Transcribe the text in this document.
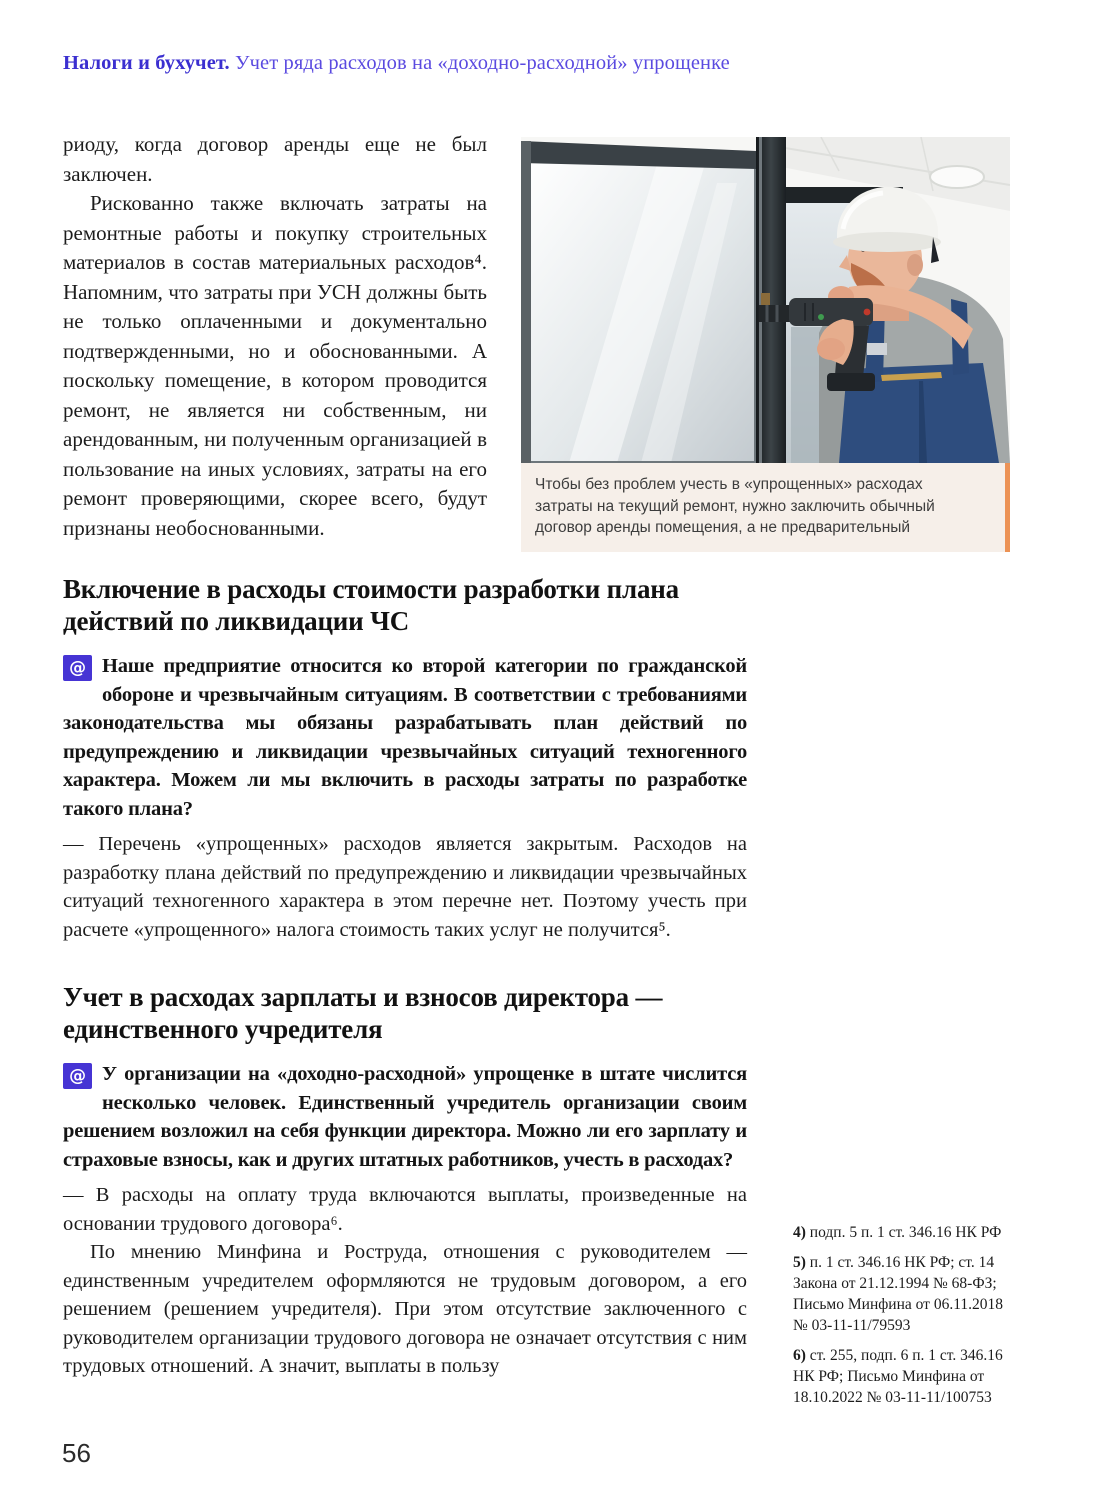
Налоги и бухучет. Учет ряда расходов на «доходно-расходной» упрощенке

риоду, когда договор аренды еще не был заключен.

Рискованно также включать затраты на ремонтные работы и покупку строительных материалов в состав материальных расходов⁴. Напомним, что затраты при УСН должны быть не только оплаченными и документально подтвержденными, но и обоснованными. А поскольку помещение, в котором проводится ремонт, не является ни собственным, ни арендованным, ни полученным организацией в пользование на иных условиях, затраты на его ремонт проверяющими, скорее всего, будут признаны необоснованными.

Чтобы без проблем учесть в «упрощенных» расходах затраты на текущий ремонт, нужно заключить обычный договор аренды помещения, а не предварительный
Включение в расходы стоимости разработки плана действий по ликвидации ЧС

@ Наше предприятие относится ко второй категории по гражданской обороне и чрезвычайным ситуациям. В соответствии с требованиями законодательства мы обязаны разрабатывать план действий по предупреждению и ликвидации чрезвычайных ситуаций техногенного характера. Можем ли мы включить в расходы затраты по разработке такого плана?

— Перечень «упрощенных» расходов является закрытым. Расходов на разработку плана действий по предупреждению и ликвидации чрезвычайных ситуаций техногенного характера в этом перечне нет. Поэтому учесть при расчете «упрощенного» налога стоимость таких услуг не получится⁵.

Учет в расходах зарплаты и взносов директора — единственного учредителя

@ У организации на «доходно-расходной» упрощенке в штате числится несколько человек. Единственный учредитель организации своим решением возложил на себя функции директора. Можно ли его зарплату и страховые взносы, как и других штатных работников, учесть в расходах?

— В расходы на оплату труда включаются выплаты, произведенные на основании трудового договора⁶.

По мнению Минфина и Роструда, отношения с руководителем — единственным учредителем оформляются не трудовым договором, а его решением (решением учредителя). При этом отсутствие заключенного с руководителем организации трудового договора не означает отсутствия с ним трудовых отношений. А значит, выплаты в пользу

4) подп. 5 п. 1 ст. 346.16 НК РФ
5) п. 1 ст. 346.16 НК РФ; ст. 14 Закона от 21.12.1994 № 68-ФЗ; Письмо Минфина от 06.11.2018 № 03-11-11/79593
6) ст. 255, подп. 6 п. 1 ст. 346.16 НК РФ; Письмо Минфина от 18.10.2022 № 03-11-11/100753
56
